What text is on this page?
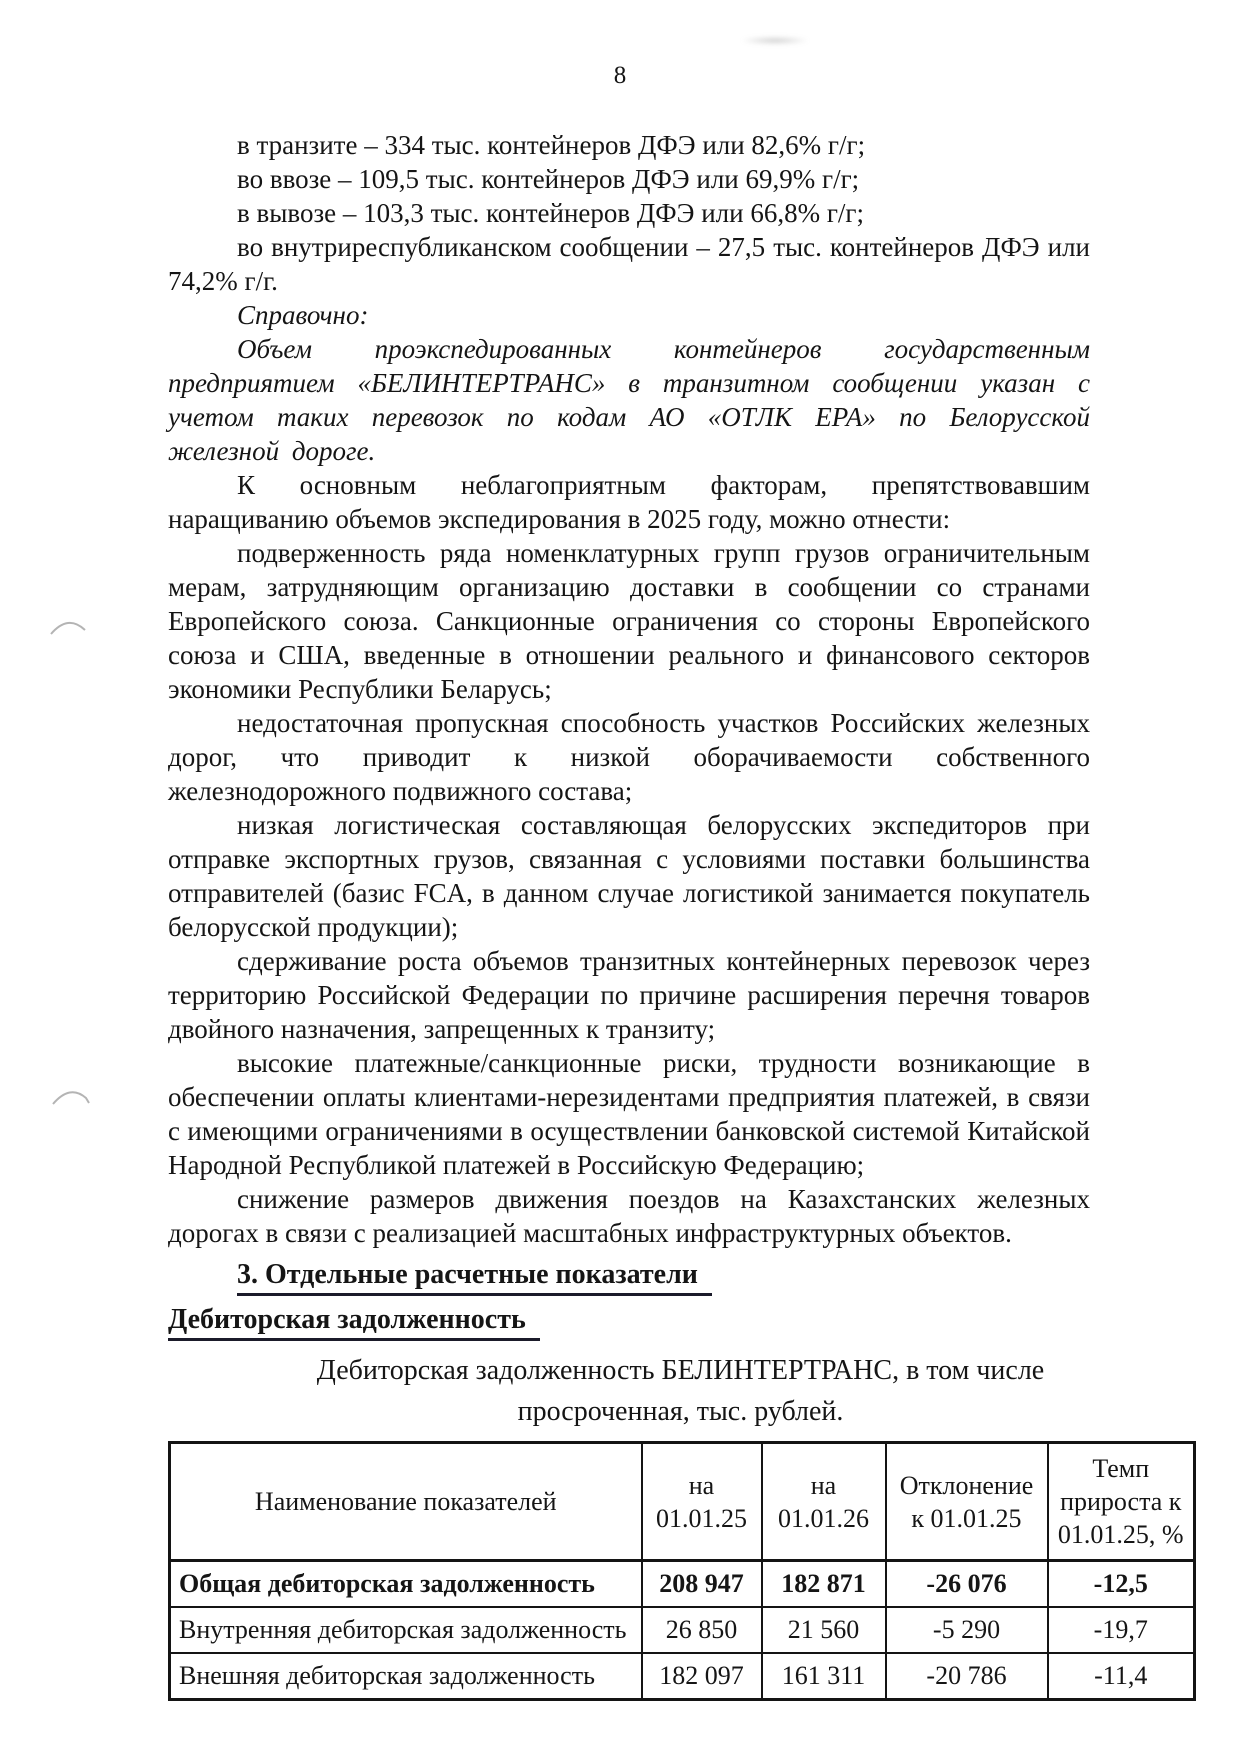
8

в транзите – 334 тыс. контейнеров ДФЭ или 82,6% г/г;

во ввозе – 109,5 тыс. контейнеров ДФЭ или 69,9% г/г;

в вывозе – 103,3 тыс. контейнеров ДФЭ или 66,8% г/г;

во внутриреспубликанском сообщении – 27,5 тыс. контейнеров ДФЭ или 74,2% г/г.

Справочно:

Объем проэкспедированных контейнеров государственным предприятием «БЕЛИНТЕРТРАНС» в транзитном сообщении указан с учетом таких перевозок по кодам АО «ОТЛК ЕРА» по Белорусской железной дороге.

К основным неблагоприятным факторам, препятствовавшим наращиванию объемов экспедирования в 2025 году, можно отнести:

подверженность ряда номенклатурных групп грузов ограничительным мерам, затрудняющим организацию доставки в сообщении со странами Европейского союза. Санкционные ограничения со стороны Европейского союза и США, введенные в отношении реального и финансового секторов экономики Республики Беларусь;

недостаточная пропускная способность участков Российских железных дорог, что приводит к низкой оборачиваемости собственного железнодорожного подвижного состава;

низкая логистическая составляющая белорусских экспедиторов при отправке экспортных грузов, связанная с условиями поставки большинства отправителей (базис FCA, в данном случае логистикой занимается покупатель белорусской продукции);

сдерживание роста объемов транзитных контейнерных перевозок через территорию Российской Федерации по причине расширения перечня товаров двойного назначения, запрещенных к транзиту;

высокие платежные/санкционные риски, трудности возникающие в обеспечении оплаты клиентами-нерезидентами предприятия платежей, в связи с имеющими ограничениями в осуществлении банковской системой Китайской Народной Республикой платежей в Российскую Федерацию;

снижение размеров движения поездов на Казахстанских железных дорогах в связи с реализацией масштабных инфраструктурных объектов.

3. Отдельные расчетные показатели

Дебиторская задолженность

Дебиторская задолженность БЕЛИНТЕРТРАНС, в том числе
просроченная, тыс. рублей.
Наименование показателей	на 01.01.25	на 01.01.26	Отклонение к 01.01.25	Темп прироста к 01.01.25, %
Общая дебиторская задолженность	208 947	182 871	-26 076	-12,5
Внутренняя дебиторская задолженность	26 850	21 560	-5 290	-19,7
Внешняя дебиторская задолженность	182 097	161 311	-20 786	-11,4
